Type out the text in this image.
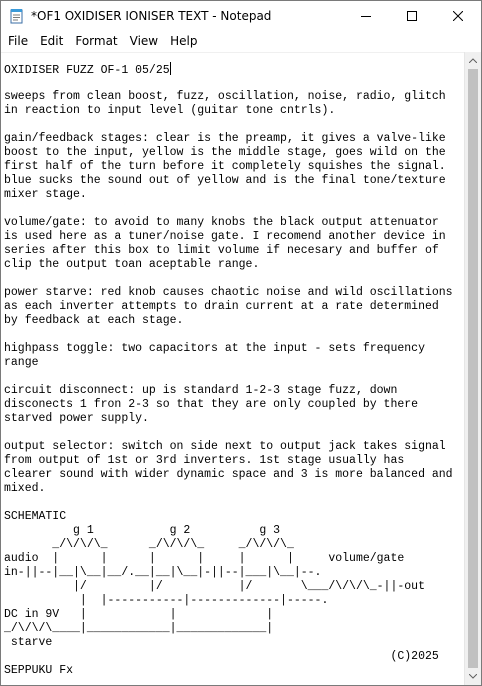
*OF1 OXIDISER IONISER TEXT - Notepad
File	Edit	Format	View	Help
OXIDISER FUZZ OF-1 05/25
sweeps from clean boost, fuzz, oscillation, noise, radio, glitch
in reaction to input level (guitar tone cntrls).
gain/feedback stages: clear is the preamp, it gives a valve-like
boost to the input, yellow is the middle stage, goes wild on the
first half of the turn before it completely squishes the signal.
blue sucks the sound out of yellow and is the final tone/texture
mixer stage.
volume/gate: to avoid to many knobs the black output attenuator
is used here as a tuner/noise gate. I recomend another device in
series after this box to limit volume if necesary and buffer of
clip the output toan aceptable range.
power starve: red knob causes chaotic noise and wild oscillations
as each inverter attempts to drain current at a rate determined
by feedback at each stage.
highpass toggle: two capacitors at the input - sets frequency
range
circuit disconnect: up is standard 1-2-3 stage fuzz, down
disconects 1 fron 2-3 so that they are only coupled by there
starved power supply.
output selector: switch on side next to output jack takes signal
from output of 1st or 3rd inverters. 1st stage usually has
clearer sound with wider dynamic space and 3 is more balanced and
mixed.
SCHEMATIC
g 1           g 2          g 3
_/\/\/\_      _/\/\/\_     _/\/\/\_
audio  |      |      |      |     |      |     volume/gate
in-||--|__|\__|__/.__|__|\__|-||--|___|\__|--.
|/         |/           |/       \___/\/\/\_-||-out
|  |-----------|-------------|-----.
DC in 9V   |            |             |
_/\/\/\____|____________|_____________|
starve
(C)2025
SEPPUKU Fx
